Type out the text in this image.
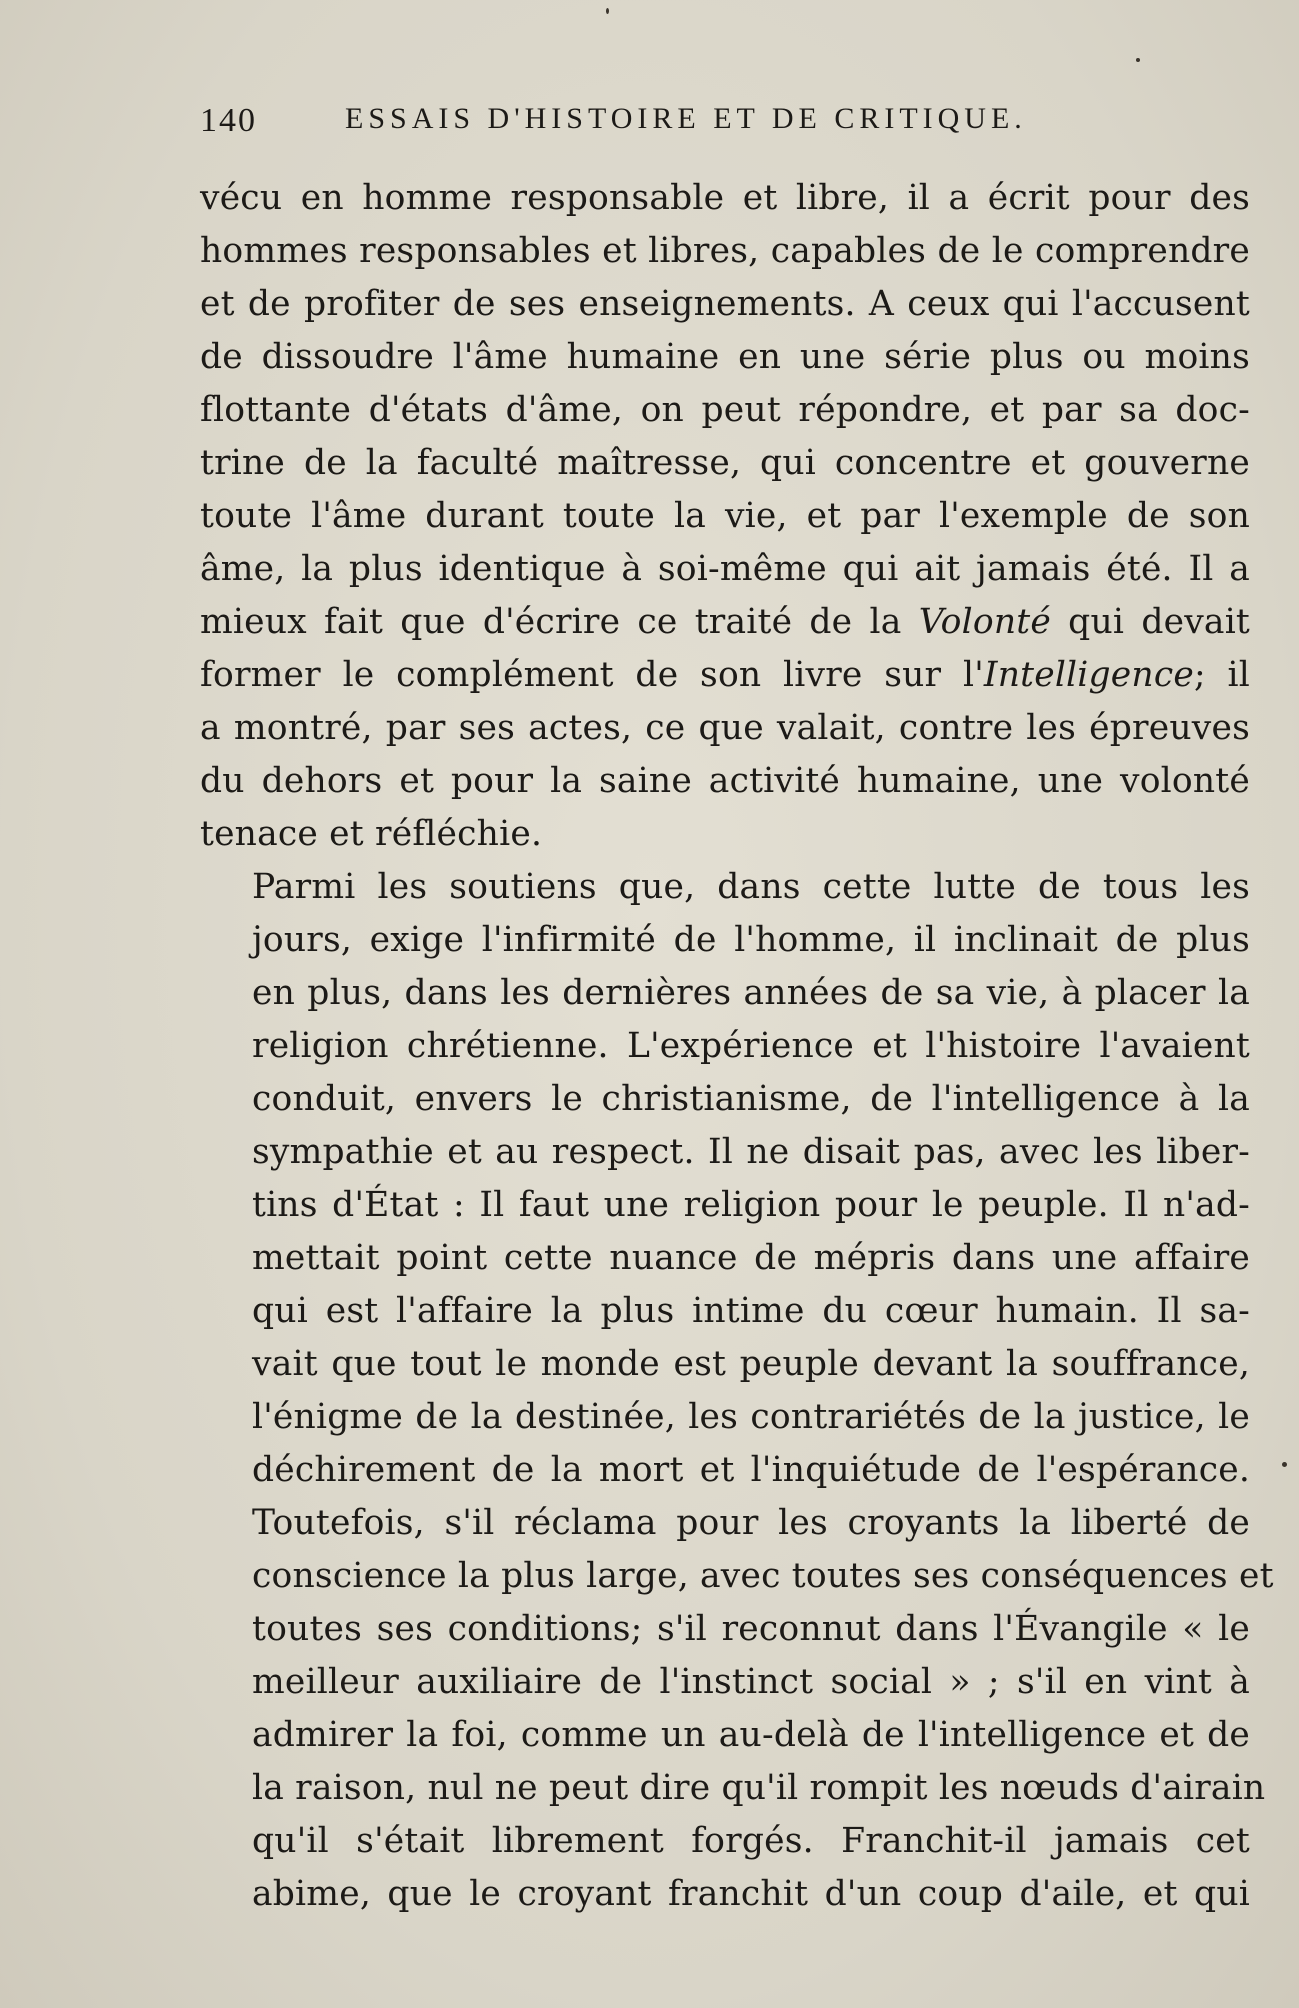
140	ESSAIS D'HISTOIRE ET DE CRITIQUE.

vécu en homme responsable et libre, il a écrit pour des
hommes responsables et libres, capables de le comprendre
et de profiter de ses enseignements. A ceux qui l'accusent
de dissoudre l'âme humaine en une série plus ou moins
flottante d'états d'âme, on peut répondre, et par sa doc-
trine de la faculté maîtresse, qui concentre et gouverne
toute l'âme durant toute la vie, et par l'exemple de son
âme, la plus identique à soi-même qui ait jamais été. Il a
mieux fait que d'écrire ce traité de la Volonté qui devait
former le complément de son livre sur l'Intelligence; il
a montré, par ses actes, ce que valait, contre les épreuves
du dehors et pour la saine activité humaine, une volonté
tenace et réfléchie.

Parmi les soutiens que, dans cette lutte de tous les
jours, exige l'infirmité de l'homme, il inclinait de plus
en plus, dans les dernières années de sa vie, à placer la
religion chrétienne. L'expérience et l'histoire l'avaient
conduit, envers le christianisme, de l'intelligence à la
sympathie et au respect. Il ne disait pas, avec les liber-
tins d'État : Il faut une religion pour le peuple. Il n'ad-
mettait point cette nuance de mépris dans une affaire
qui est l'affaire la plus intime du cœur humain. Il sa-
vait que tout le monde est peuple devant la souffrance,
l'énigme de la destinée, les contrariétés de la justice, le
déchirement de la mort et l'inquiétude de l'espérance.
Toutefois, s'il réclama pour les croyants la liberté de
conscience la plus large, avec toutes ses conséquences et
toutes ses conditions; s'il reconnut dans l'Évangile « le
meilleur auxiliaire de l'instinct social » ; s'il en vint à
admirer la foi, comme un au-delà de l'intelligence et de
la raison, nul ne peut dire qu'il rompit les nœuds d'airain
qu'il s'était librement forgés. Franchit-il jamais cet
abime, que le croyant franchit d'un coup d'aile, et qui
